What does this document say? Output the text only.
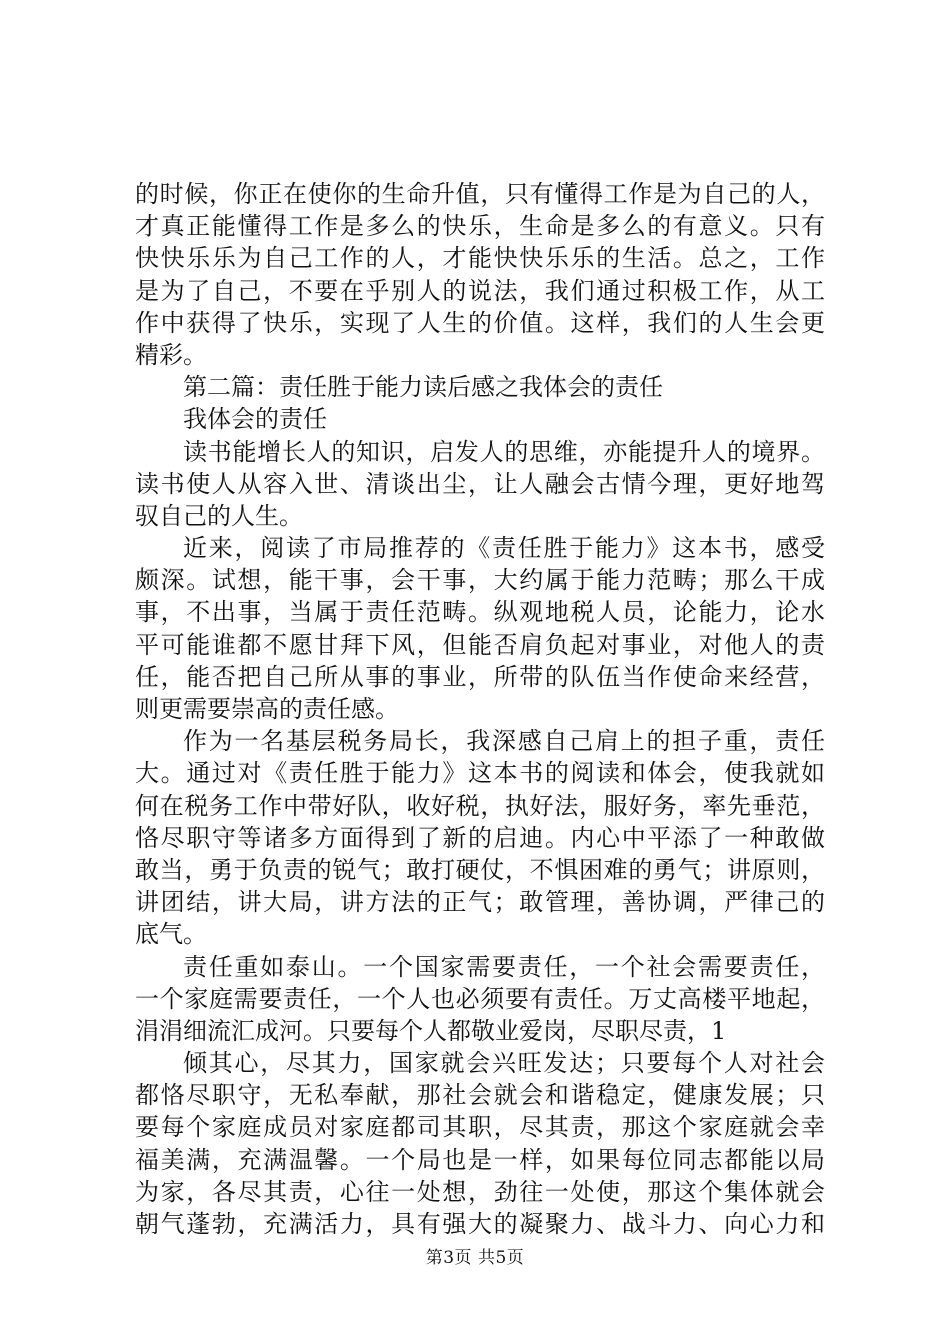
的时候，你正在使你的生命升值，只有懂得工作是为自己的人，
才真正能懂得工作是多么的快乐，生命是多么的有意义。只有
快快乐乐为自己工作的人，才能快快乐乐的生活。总之，工作
是为了自己，不要在乎别人的说法，我们通过积极工作，从工
作中获得了快乐，实现了人生的价值。这样，我们的人生会更
精彩。
第二篇：责任胜于能力读后感之我体会的责任
我体会的责任
读书能增长人的知识，启发人的思维，亦能提升人的境界。
读书使人从容入世、清谈出尘，让人融会古情今理，更好地驾
驭自己的人生。
近来，阅读了市局推荐的《责任胜于能力》这本书，感受
颇深。试想，能干事，会干事，大约属于能力范畴；那么干成
事，不出事，当属于责任范畴。纵观地税人员，论能力，论水
平可能谁都不愿甘拜下风，但能否肩负起对事业，对他人的责
任，能否把自己所从事的事业，所带的队伍当作使命来经营，
则更需要崇高的责任感。
作为一名基层税务局长，我深感自己肩上的担子重，责任
大。通过对《责任胜于能力》这本书的阅读和体会，使我就如
何在税务工作中带好队，收好税，执好法，服好务，率先垂范，
恪尽职守等诸多方面得到了新的启迪。内心中平添了一种敢做
敢当，勇于负责的锐气；敢打硬仗，不惧困难的勇气；讲原则，
讲团结，讲大局，讲方法的正气；敢管理，善协调，严律己的
底气。
责任重如泰山。一个国家需要责任，一个社会需要责任，
一个家庭需要责任，一个人也必须要有责任。万丈高楼平地起，
涓涓细流汇成河。只要每个人都敬业爱岗，尽职尽责，1
倾其心，尽其力，国家就会兴旺发达；只要每个人对社会
都恪尽职守，无私奉献，那社会就会和谐稳定，健康发展；只
要每个家庭成员对家庭都司其职，尽其责，那这个家庭就会幸
福美满，充满温馨。一个局也是一样，如果每位同志都能以局
为家，各尽其责，心往一处想，劲往一处使，那这个集体就会
朝气蓬勃，充满活力，具有强大的凝聚力、战斗力、向心力和
第3页 共5页
